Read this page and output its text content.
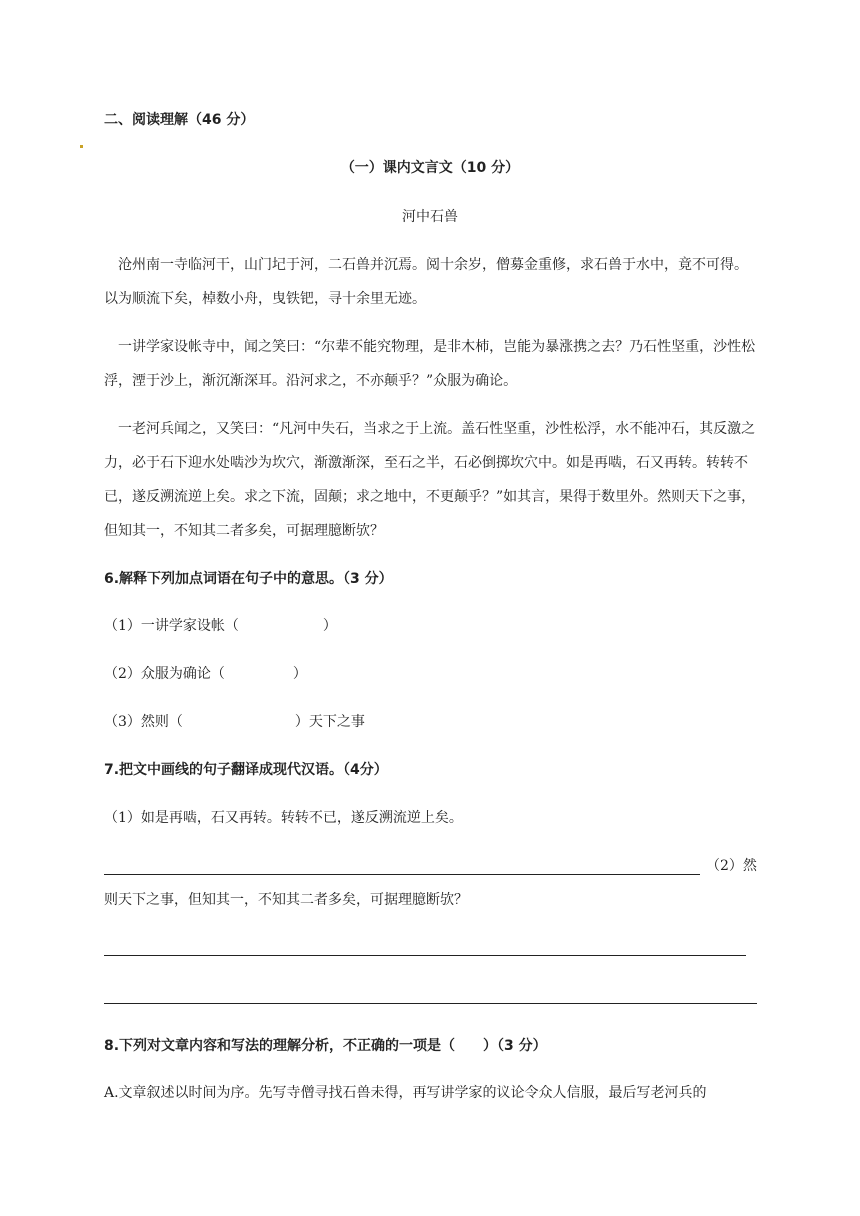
二、阅读理解（46 分）

（一）课内文言文（10 分）

河中石兽

沧州南一寺临河干，山门圮于河，二石兽并沉焉。阅十余岁，僧募金重修，求石兽于水中，竟不可得。以为顺流下矣，棹数小舟，曳铁钯，寻十余里无迹。

一讲学家设帐寺中，闻之笑曰：“尔辈不能究物理，是非木杮，岂能为暴涨携之去？乃石性坚重，沙性松浮，湮于沙上，渐沉渐深耳。沿河求之，不亦颠乎？”众服为确论。

一老河兵闻之，又笑曰：“凡河中失石，当求之于上流。盖石性坚重，沙性松浮，水不能冲石，其反激之力，必于石下迎水处啮沙为坎穴，渐激渐深，至石之半，石必倒掷坎穴中。如是再啮，石又再转。转转不已，遂反溯流逆上矣。求之下流，固颠；求之地中，不更颠乎？”如其言，果得于数里外。然则天下之事，但知其一，不知其二者多矣，可据理臆断欤？

6.解释下列加点词语在句子中的意思。（3 分）

（1）一讲学家设帐（	）
（2）众服为确论（	）
（3）然则（	）天下之事

7.把文中画线的句子翻译成现代汉语。（4分）

（1）如是再啮，石又再转。转转不已，遂反溯流逆上矣。

（2）然

则天下之事，但知其一，不知其二者多矣，可据理臆断欤？

8.下列对文章内容和写法的理解分析，不正确的一项是（　　）（3 分）

A.文章叙述以时间为序。先写寺僧寻找石兽未得，再写讲学家的议论令众人信服，最后写老河兵的
